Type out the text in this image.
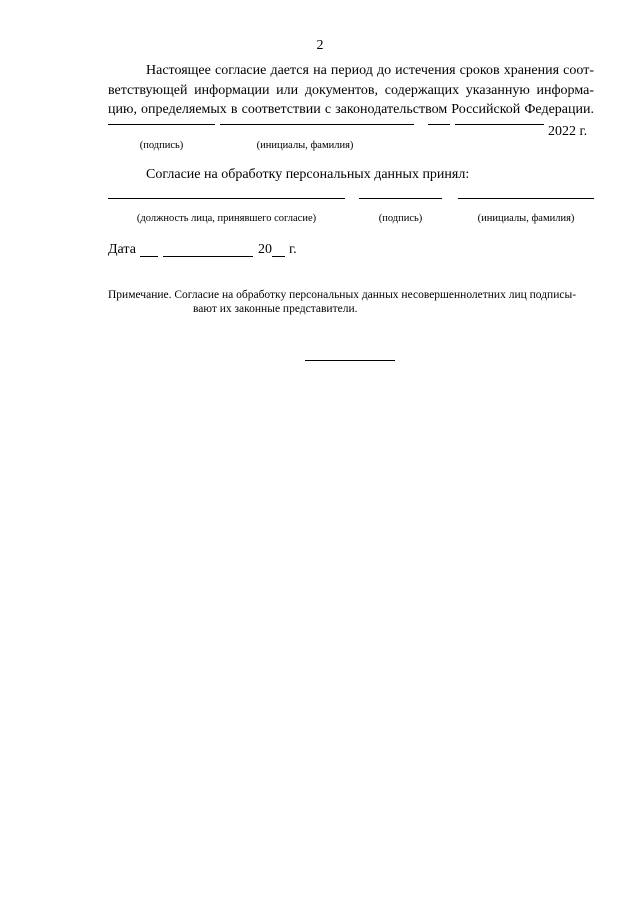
2

Настоящее согласие дается на период до истечения сроков хранения соот-
ветствующей информации или документов, содержащих указанную информа-
цию, определяемых в соответствии с законодательством Российской Федерации.

2022 г.
(подпись)	(инициалы, фамилия)
Согласие на обработку персональных данных принял:
(должность лица, принявшего согласие)	(подпись)	(инициалы, фамилия)
Дата	20 г.
Примечание. Согласие на обработку персональных данных несовершеннолетних лиц подписы-
вают их законные представители.
